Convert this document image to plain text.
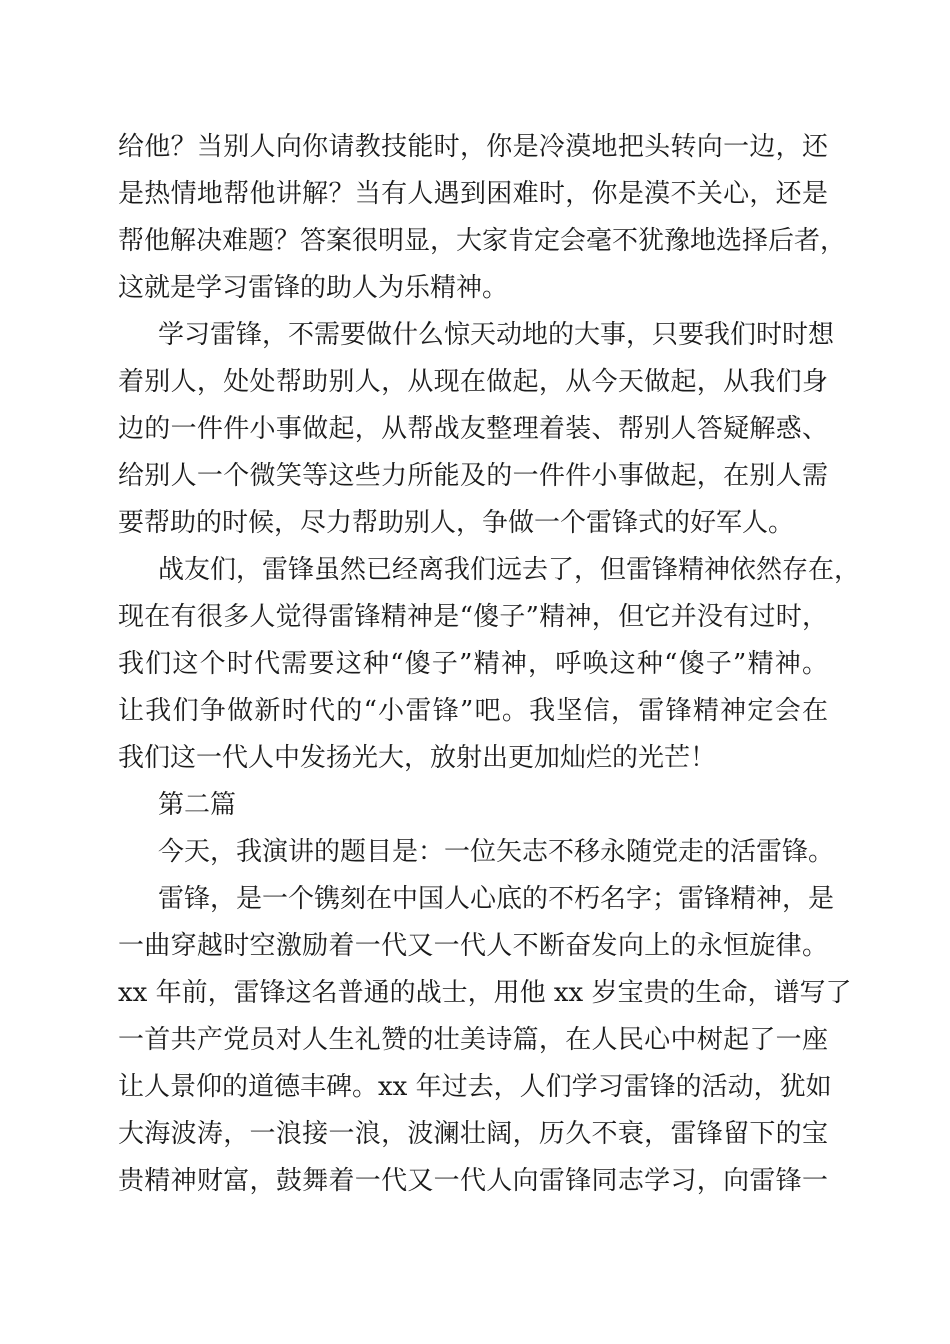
给他？当别人向你请教技能时，你是冷漠地把头转向一边，还
是热情地帮他讲解？当有人遇到困难时，你是漠不关心，还是
帮他解决难题？答案很明显，大家肯定会毫不犹豫地选择后者，
这就是学习雷锋的助人为乐精神。
学习雷锋，不需要做什么惊天动地的大事，只要我们时时想
着别人，处处帮助别人，从现在做起，从今天做起，从我们身
边的一件件小事做起，从帮战友整理着装、帮别人答疑解惑、
给别人一个微笑等这些力所能及的一件件小事做起，在别人需
要帮助的时候，尽力帮助别人，争做一个雷锋式的好军人。
战友们，雷锋虽然已经离我们远去了，但雷锋精神依然存在，
现在有很多人觉得雷锋精神是“傻子”精神，但它并没有过时，
我们这个时代需要这种“傻子”精神，呼唤这种“傻子”精神。
让我们争做新时代的“小雷锋”吧。我坚信，雷锋精神定会在
我们这一代人中发扬光大，放射出更加灿烂的光芒！
第二篇
今天，我演讲的题目是：一位矢志不移永随党走的活雷锋。
雷锋，是一个镌刻在中国人心底的不朽名字；雷锋精神，是
一曲穿越时空激励着一代又一代人不断奋发向上的永恒旋律。
xx 年前，雷锋这名普通的战士，用他 xx 岁宝贵的生命，谱写了
一首共产党员对人生礼赞的壮美诗篇，在人民心中树起了一座
让人景仰的道德丰碑。xx 年过去，人们学习雷锋的活动，犹如
大海波涛，一浪接一浪，波澜壮阔，历久不衰，雷锋留下的宝
贵精神财富，鼓舞着一代又一代人向雷锋同志学习，向雷锋一
